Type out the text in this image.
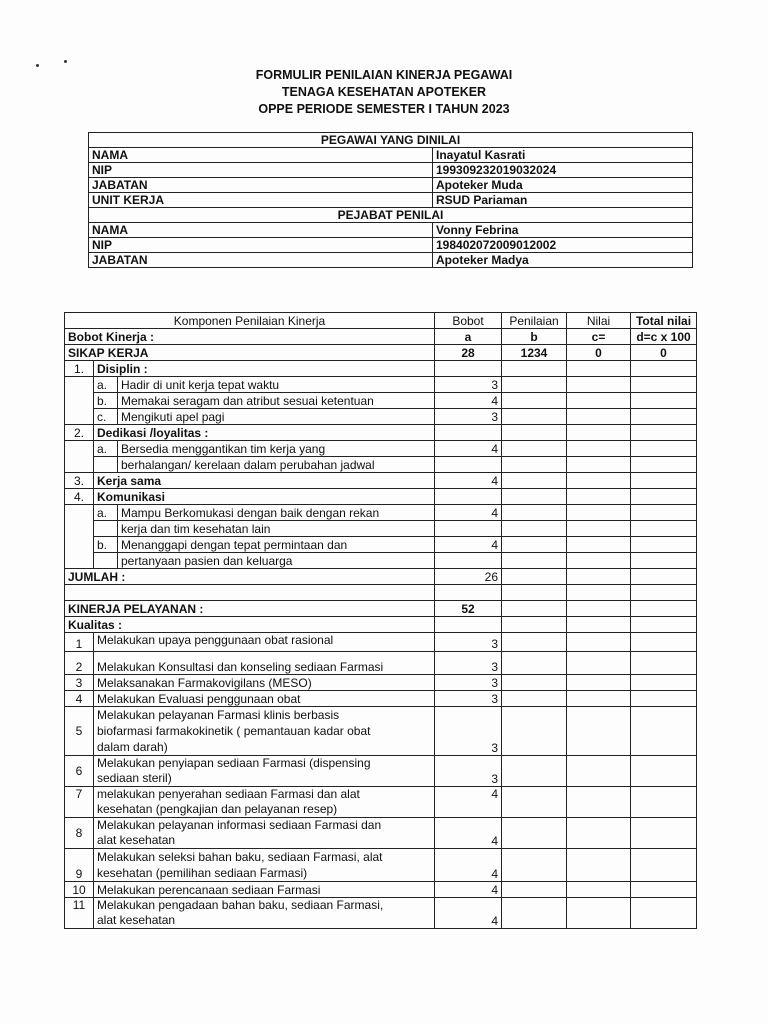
FORMULIR PENILAIAN KINERJA PEGAWAI
TENAGA KESEHATAN APOTEKER
OPPE PERIODE SEMESTER I TAHUN 2023
PEGAWAI YANG DINILAI	
NAMA	Inayatul Kasrati
NIP	199309232019032024
JABATAN	Apoteker Muda
UNIT KERJA	RSUD Pariaman
PEJABAT PENILAI	
NAMA	Vonny Febrina
NIP	198402072009012002
JABATAN	Apoteker Madya
Komponen Penilaian Kinerja			Bobot	Penilaian	Nilai	Total nilai
Bobot Kinerja :			a	b	c=	d=c x 100
SIKAP KERJA			28	1234	0	0
1.	Disiplin :					
	a.	Hadir di unit kerja tepat waktu	3			
	b.	Memakai seragam dan atribut sesuai ketentuan	4			
	c.	Mengikuti apel pagi	3			
2.	Dedikasi /loyalitas :					
	a.	Bersedia menggantikan tim kerja yang	4			
		berhalangan/ kerelaan dalam perubahan jadwal				
3.	Kerja sama		4			
4.	Komunikasi					
	a.	Mampu Berkomukasi dengan baik dengan rekan	4			
		kerja dan tim kesehatan lain				
	b.	Menanggapi dengan tepat permintaan dan	4			
		pertanyaan pasien dan keluarga				
JUMLAH :			26			

KINERJA PELAYANAN :			52			
Kualitas :						
1	Melakukan upaya penggunaan obat rasional		3			
2	Melakukan Konsultasi dan konseling sediaan Farmasi		3			
3	Melaksanakan Farmakovigilans (MESO)		3			
4	Melakukan Evaluasi penggunaan obat		3			
5	Melakukan pelayanan Farmasi klinis berbasis biofarmasi farmakokinetik ( pemantauan kadar obat dalam darah)		3			
6	Melakukan penyiapan sediaan Farmasi (dispensing sediaan steril)		3			
7	melakukan penyerahan sediaan Farmasi dan alat kesehatan (pengkajian dan pelayanan resep)		4			
8	Melakukan pelayanan informasi sediaan Farmasi dan alat kesehatan		4			
9	Melakukan seleksi bahan baku, sediaan Farmasi, alat kesehatan (pemilihan sediaan Farmasi)		4			
10	Melakukan perencanaan sediaan Farmasi		4			
11	Melakukan pengadaan bahan baku, sediaan Farmasi, alat kesehatan		4			
